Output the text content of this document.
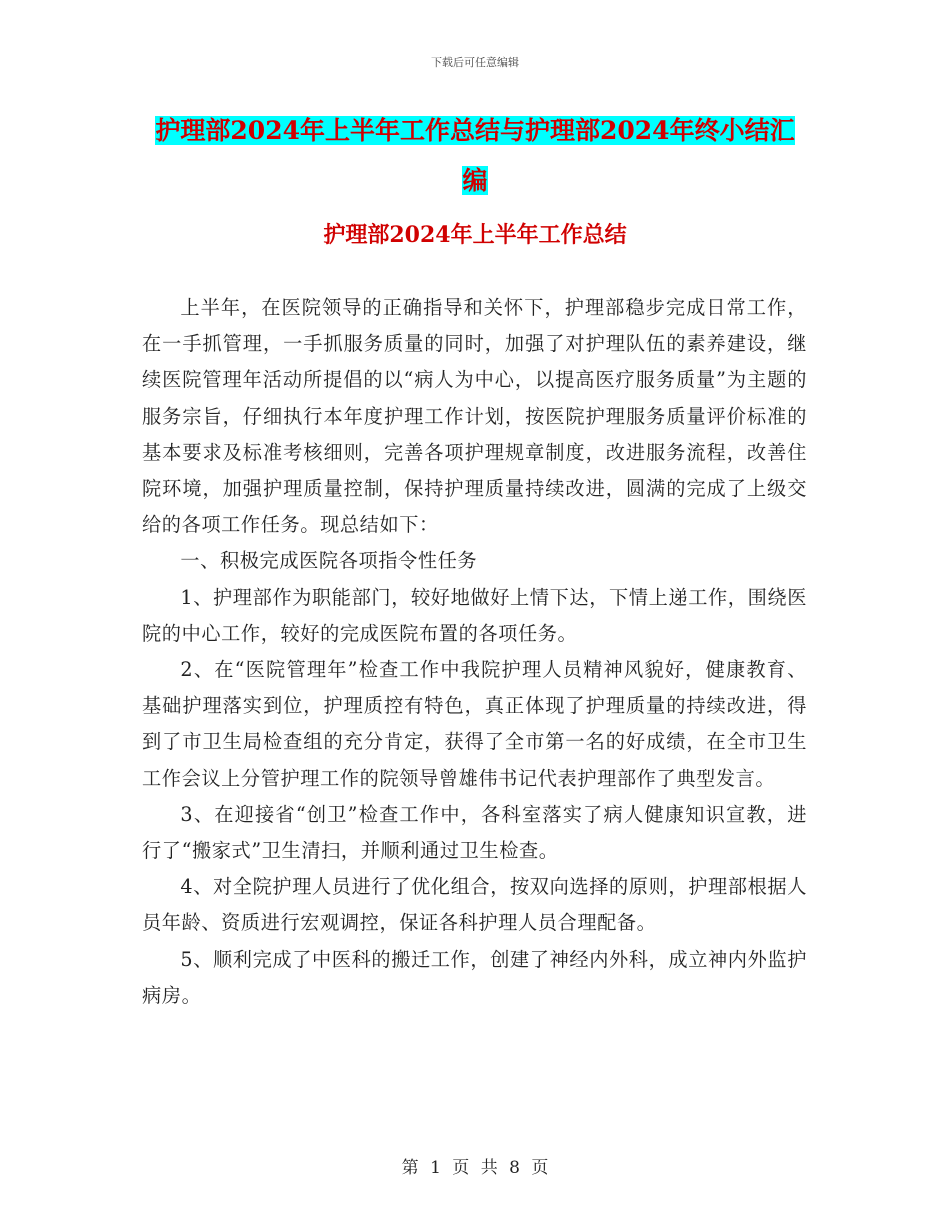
下载后可任意编辑
护理部2024年上半年工作总结与护理部2024年终小结汇编
护理部2024年上半年工作总结

上半年，在医院领导的正确指导和关怀下，护理部稳步完成日常工作，在一手抓管理，一手抓服务质量的同时，加强了对护理队伍的素养建设，继续医院管理年活动所提倡的以“病人为中心，以提高医疗服务质量”为主题的服务宗旨，仔细执行本年度护理工作计划，按医院护理服务质量评价标准的基本要求及标准考核细则，完善各项护理规章制度，改进服务流程，改善住院环境，加强护理质量控制，保持护理质量持续改进，圆满的完成了上级交给的各项工作任务。现总结如下：

一、积极完成医院各项指令性任务

1、护理部作为职能部门，较好地做好上情下达，下情上递工作，围绕医院的中心工作，较好的完成医院布置的各项任务。

2、在“医院管理年”检查工作中我院护理人员精神风貌好，健康教育、基础护理落实到位，护理质控有特色，真正体现了护理质量的持续改进，得到了市卫生局检查组的充分肯定，获得了全市第一名的好成绩，在全市卫生工作会议上分管护理工作的院领导曾雄伟书记代表护理部作了典型发言。

3、在迎接省“创卫”检查工作中，各科室落实了病人健康知识宣教，进行了“搬家式”卫生清扫，并顺利通过卫生检查。

4、对全院护理人员进行了优化组合，按双向选择的原则，护理部根据人员年龄、资质进行宏观调控，保证各科护理人员合理配备。

5、顺利完成了中医科的搬迁工作，创建了神经内外科，成立神内外监护病房。

第 1 页 共 8 页
